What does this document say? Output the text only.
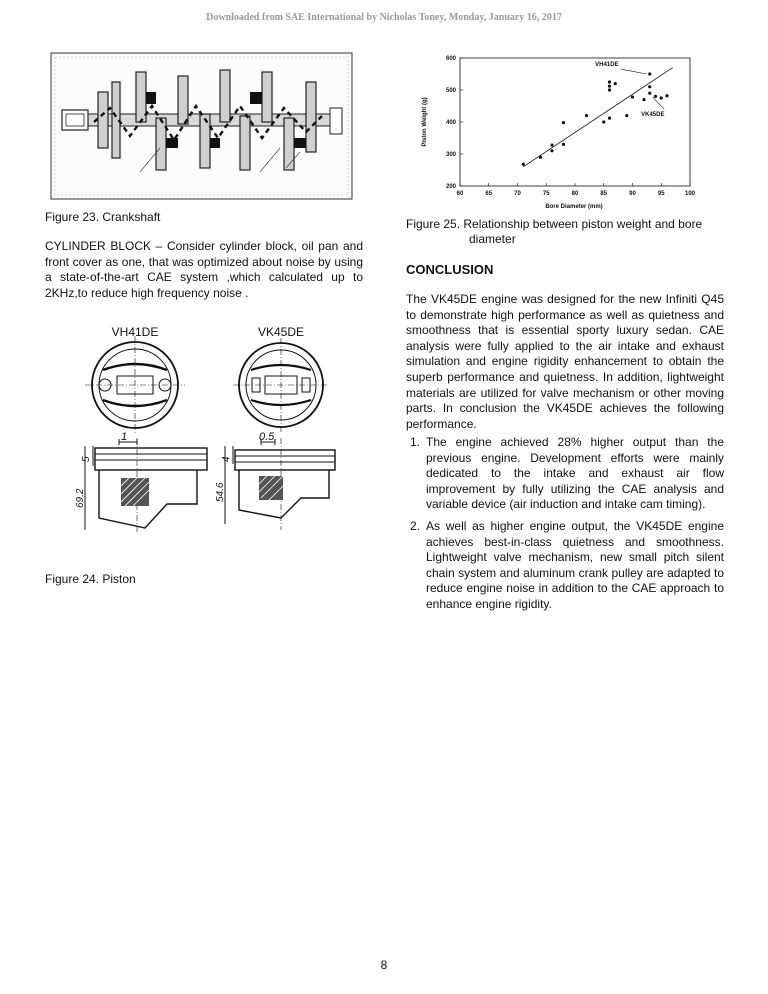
Downloaded from SAE International by Nicholas Toney, Monday, January 16, 2017
Figure 23. Crankshaft
CYLINDER BLOCK – Consider cylinder block, oil pan and front cover as one, that was optimized about noise by using a state-of-the-art CAE system ,which calculated up to 2KHz,to reduce high frequency noise .
VH41DE	VK45DE
1
5
69.2
0.5
4
54.6
Figure 24. Piston
60	65	70	75	80	85	90	95	100
200
300
400
500
600
VH41DE
VK45DE
Bore Diameter (mm)
Piston Weight (g)
Figure 25. Relationship between piston weight and bore diameter
CONCLUSION
The VK45DE engine was designed for the new Infiniti Q45 to demonstrate high performance as well as quietness and smoothness that is essential sporty luxury sedan. CAE analysis were fully applied to the air intake and exhaust simulation and engine rigidity enhancement to obtain the superb performance and quietness. In addition, lightweight materials are utilized for valve mechanism or other moving parts. In conclusion the VK45DE achieves the following performance.
1. The engine achieved 28% higher output than the previous engine. Development efforts were mainly dedicated to the intake and exhaust air flow improvement by fully utilizing the CAE analysis and variable device (air induction and intake cam timing).
2. As well as higher engine output, the VK45DE engine achieves best-in-class quietness and smoothness. Lightweight valve mechanism, new small pitch silent chain system and aluminum crank pulley are adapted to reduce engine noise in addition to the CAE approach to enhance engine rigidity.
8
